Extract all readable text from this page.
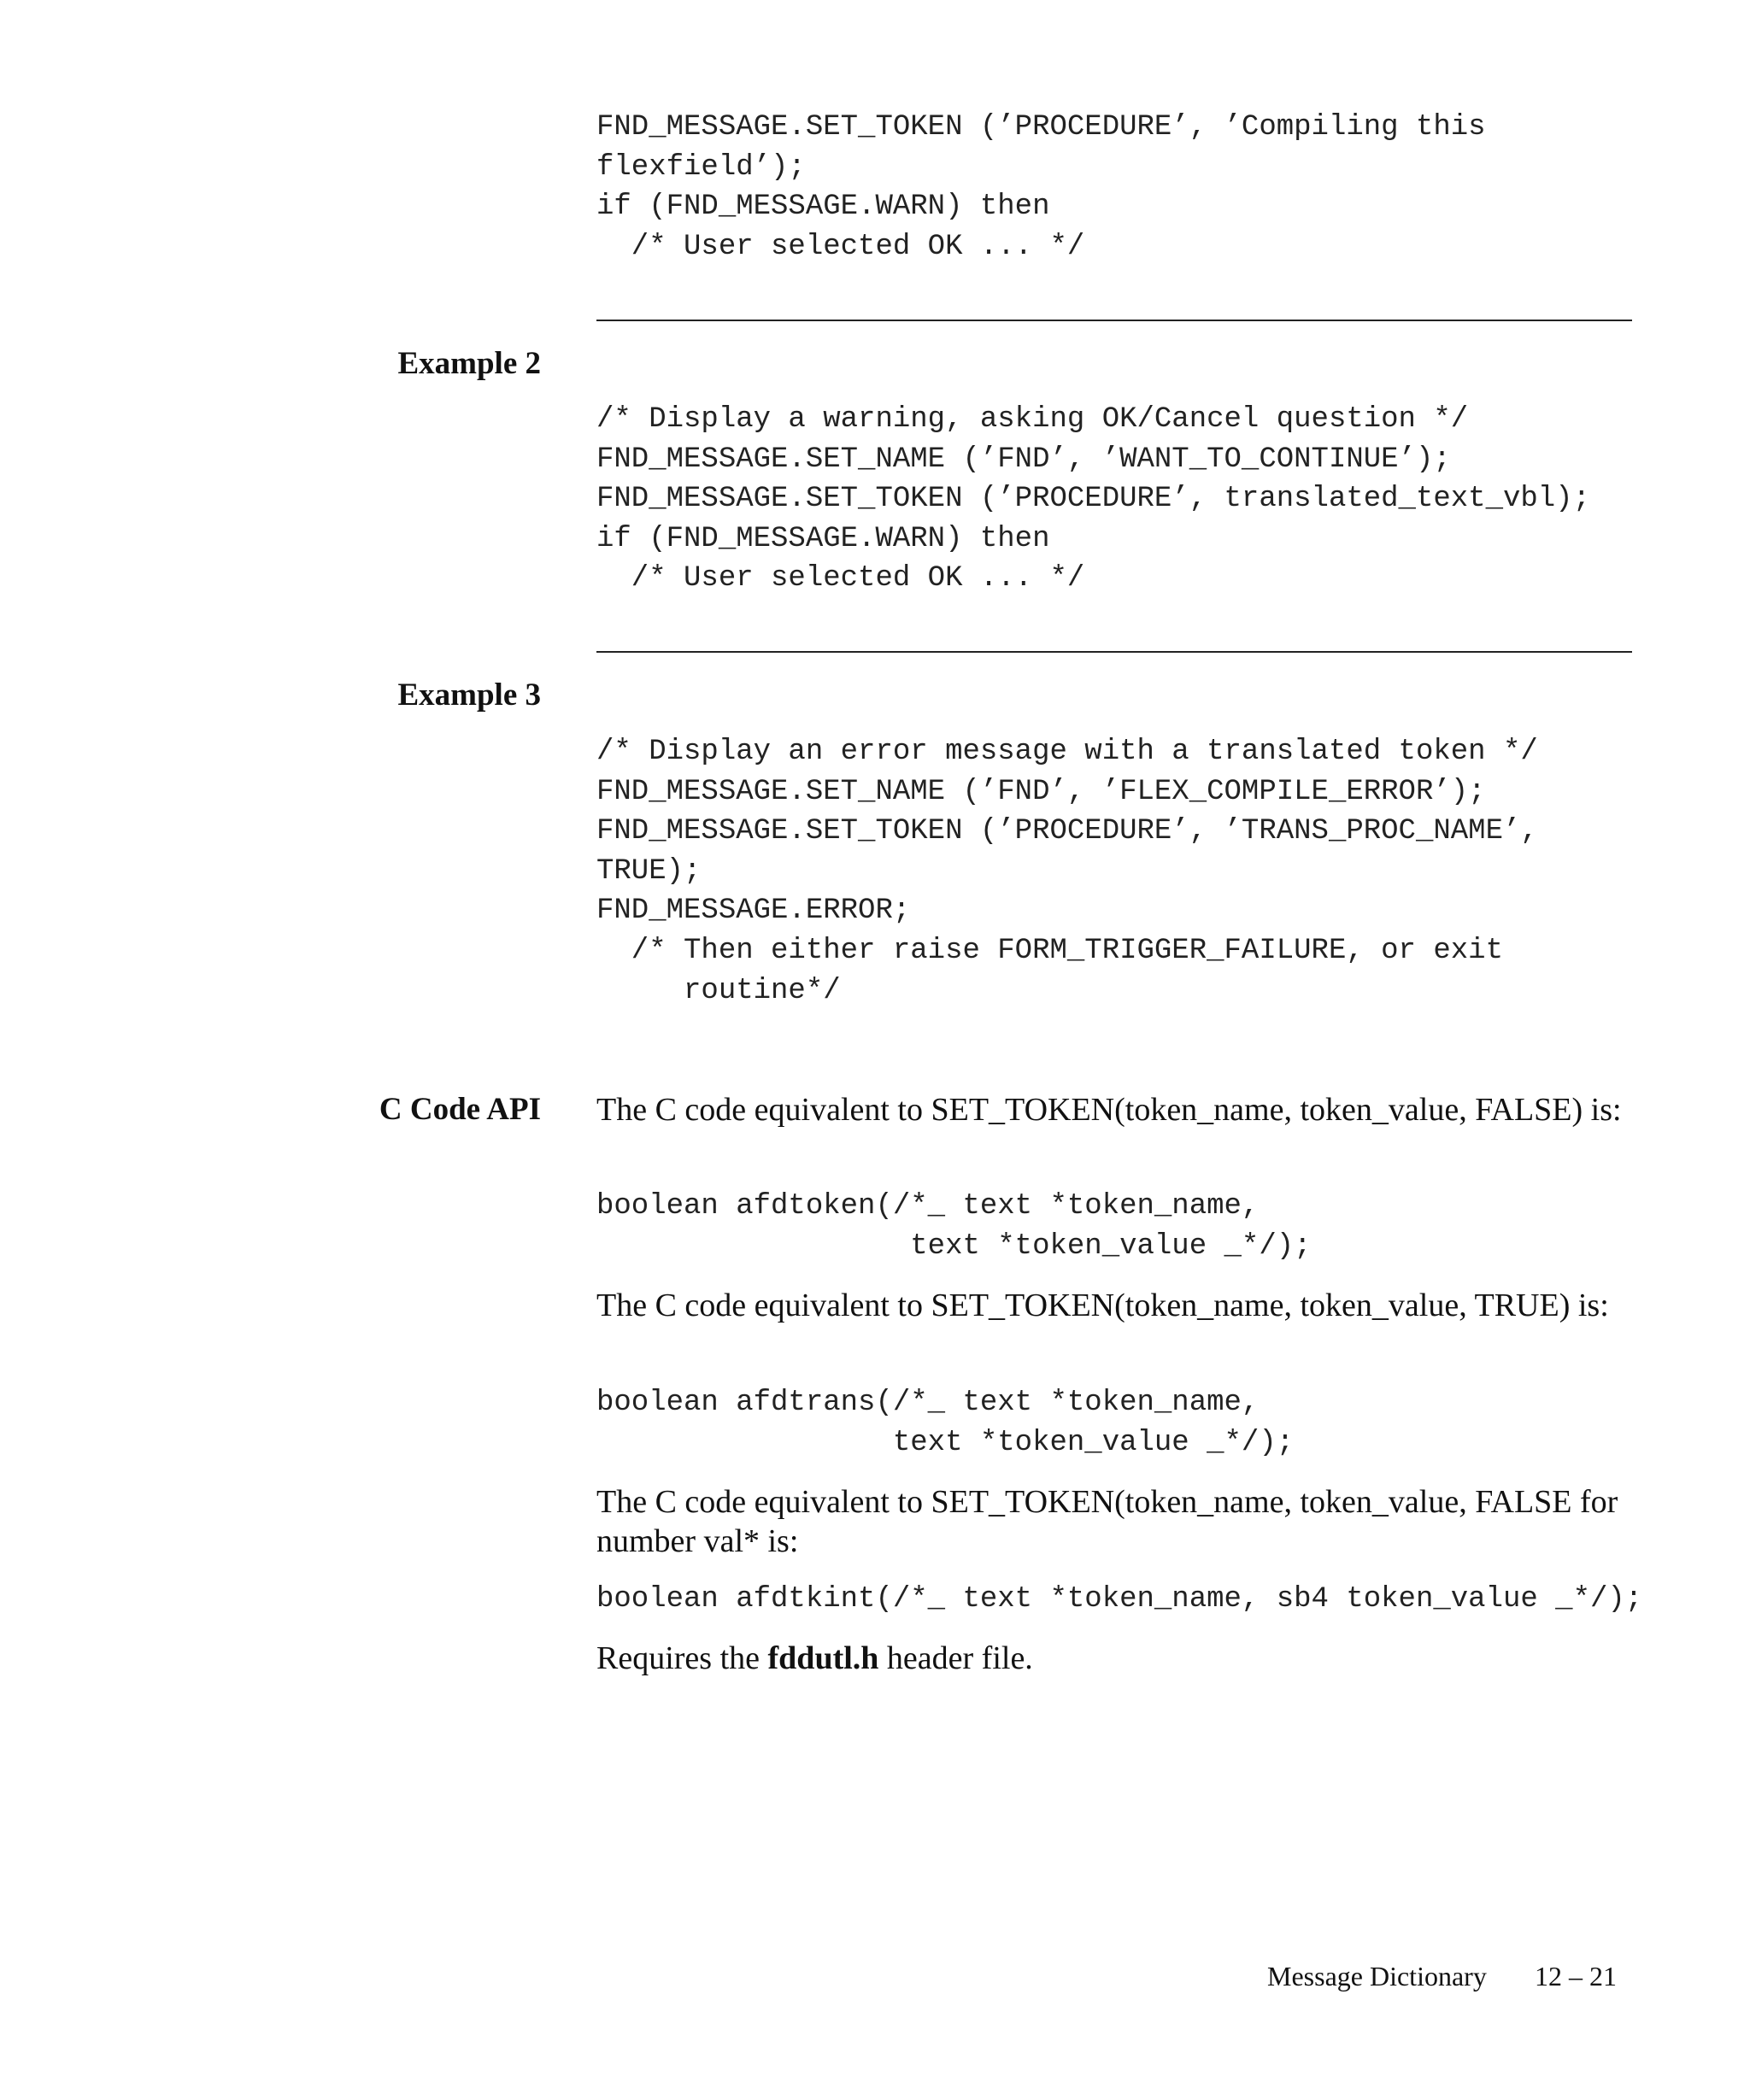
FND_MESSAGE.SET_TOKEN (’PROCEDURE’, ’Compiling this
flexfield’);
if (FND_MESSAGE.WARN) then
/* User selected OK ... */
Example 2
/* Display a warning, asking OK/Cancel question */
FND_MESSAGE.SET_NAME (’FND’, ’WANT_TO_CONTINUE’);
FND_MESSAGE.SET_TOKEN (’PROCEDURE’, translated_text_vbl);
if (FND_MESSAGE.WARN) then
/* User selected OK ... */
Example 3
/* Display an error message with a translated token */
FND_MESSAGE.SET_NAME (’FND’, ’FLEX_COMPILE_ERROR’);
FND_MESSAGE.SET_TOKEN (’PROCEDURE’, ’TRANS_PROC_NAME’,
TRUE);
FND_MESSAGE.ERROR;
/* Then either raise FORM_TRIGGER_FAILURE, or exit
routine*/
C Code API The C code equivalent to SET_TOKEN(token_name, token_value, FALSE) is:

boolean afdtoken(/*_ text *token_name,
text *token_value _*/);

The C code equivalent to SET_TOKEN(token_name, token_value, TRUE) is:

boolean afdtrans(/*_ text *token_name,
text *token_value _*/);

The C code equivalent to SET_TOKEN(token_name, token_value, FALSE for number val* is:

boolean afdtkint(/*_ text *token_name, sb4 token_value _*/);

Requires the fddutl.h header file.

Message Dictionary 12 – 21
